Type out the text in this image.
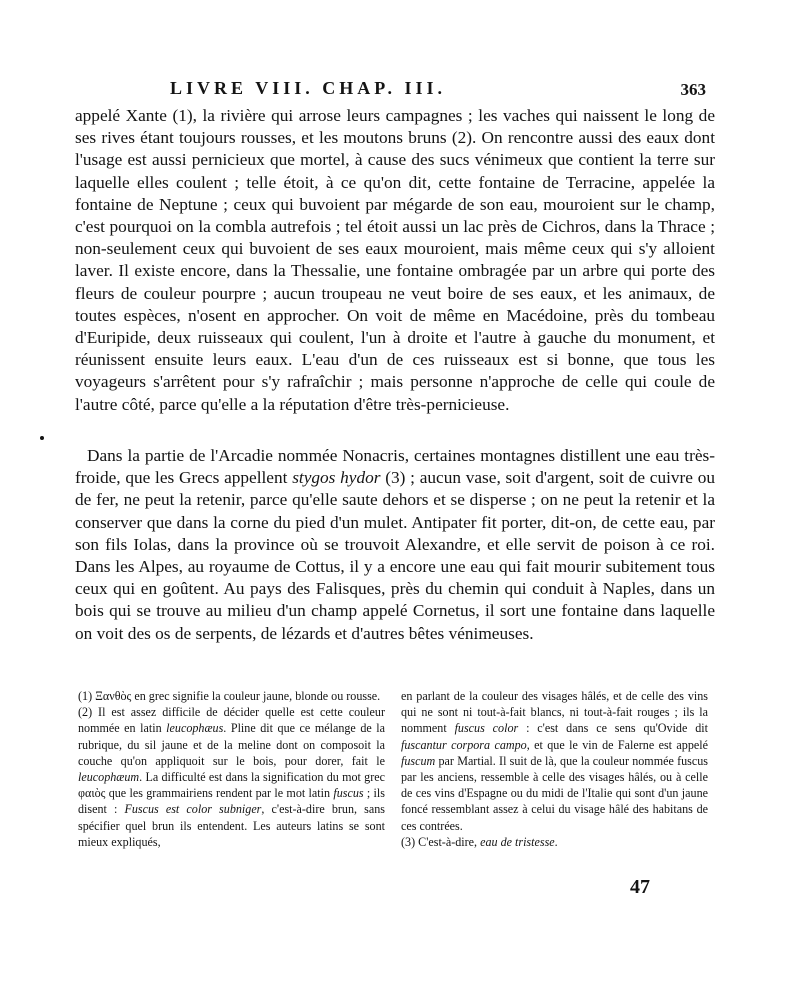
LIVRE VIII. CHAP. III.	363

appelé Xante (1), la rivière qui arrose leurs campagnes ; les vaches qui naissent le long de ses rives étant toujours rousses, et les moutons bruns (2). On rencontre aussi des eaux dont l'usage est aussi pernicieux que mortel, à cause des sucs vénimeux que contient la terre sur laquelle elles coulent ; telle étoit, à ce qu'on dit, cette fontaine de Terracine, appelée la fontaine de Neptune ; ceux qui buvoient par mégarde de son eau, mouroient sur le champ, c'est pourquoi on la combla autrefois ; tel étoit aussi un lac près de Cichros, dans la Thrace ; non-seulement ceux qui buvoient de ses eaux mouroient, mais même ceux qui s'y alloient laver. Il existe encore, dans la Thessalie, une fontaine ombragée par un arbre qui porte des fleurs de couleur pourpre ; aucun troupeau ne veut boire de ses eaux, et les animaux, de toutes espèces, n'osent en approcher. On voit de même en Macédoine, près du tombeau d'Euripide, deux ruisseaux qui coulent, l'un à droite et l'autre à gauche du monument, et réunissent ensuite leurs eaux. L'eau d'un de ces ruisseaux est si bonne, que tous les voyageurs s'arrêtent pour s'y rafraîchir ; mais personne n'approche de celle qui coule de l'autre côté, parce qu'elle a la réputation d'être très-pernicieuse.

Dans la partie de l'Arcadie nommée Nonacris, certaines montagnes distillent une eau très-froide, que les Grecs appellent stygos hydor (3) ; aucun vase, soit d'argent, soit de cuivre ou de fer, ne peut la retenir, parce qu'elle saute dehors et se disperse ; on ne peut la retenir et la conserver que dans la corne du pied d'un mulet. Antipater fit porter, dit-on, de cette eau, par son fils Iolas, dans la province où se trouvoit Alexandre, et elle servit de poison à ce roi. Dans les Alpes, au royaume de Cottus, il y a encore une eau qui fait mourir subitement tous ceux qui en goûtent. Au pays des Falisques, près du chemin qui conduit à Naples, dans un bois qui se trouve au milieu d'un champ appelé Cornetus, il sort une fontaine dans laquelle on voit des os de serpents, de lézards et d'autres bêtes vénimeuses.

(1) Ξανθὸς en grec signifie la couleur jaune, blonde ou rousse.

(2) Il est assez difficile de décider quelle est cette couleur nommée en latin leucophæus. Pline dit que ce mélange de la rubrique, du sil jaune et de la meline dont on composoit la couche qu'on appliquoit sur le bois, pour dorer, fait le leucophæum. La difficulté est dans la signification du mot grec φαιὸς que les grammairiens rendent par le mot latin fuscus ; ils disent : Fuscus est color subniger, c'est-à-dire brun, sans spécifier quel brun ils entendent. Les auteurs latins se sont mieux expliqués,

en parlant de la couleur des visages hâlés, et de celle des vins qui ne sont ni tout-à-fait blancs, ni tout-à-fait rouges ; ils la nomment fuscus color : c'est dans ce sens qu'Ovide dit fuscantur corpora campo, et que le vin de Falerne est appelé fuscum par Martial. Il suit de là, que la couleur nommée fuscus par les anciens, ressemble à celle des visages hâlés, ou à celle de ces vins d'Espagne ou du midi de l'Italie qui sont d'un jaune foncé ressemblant assez à celui du visage hâlé des habitans de ces contrées.

(3) C'est-à-dire, eau de tristesse.

47
